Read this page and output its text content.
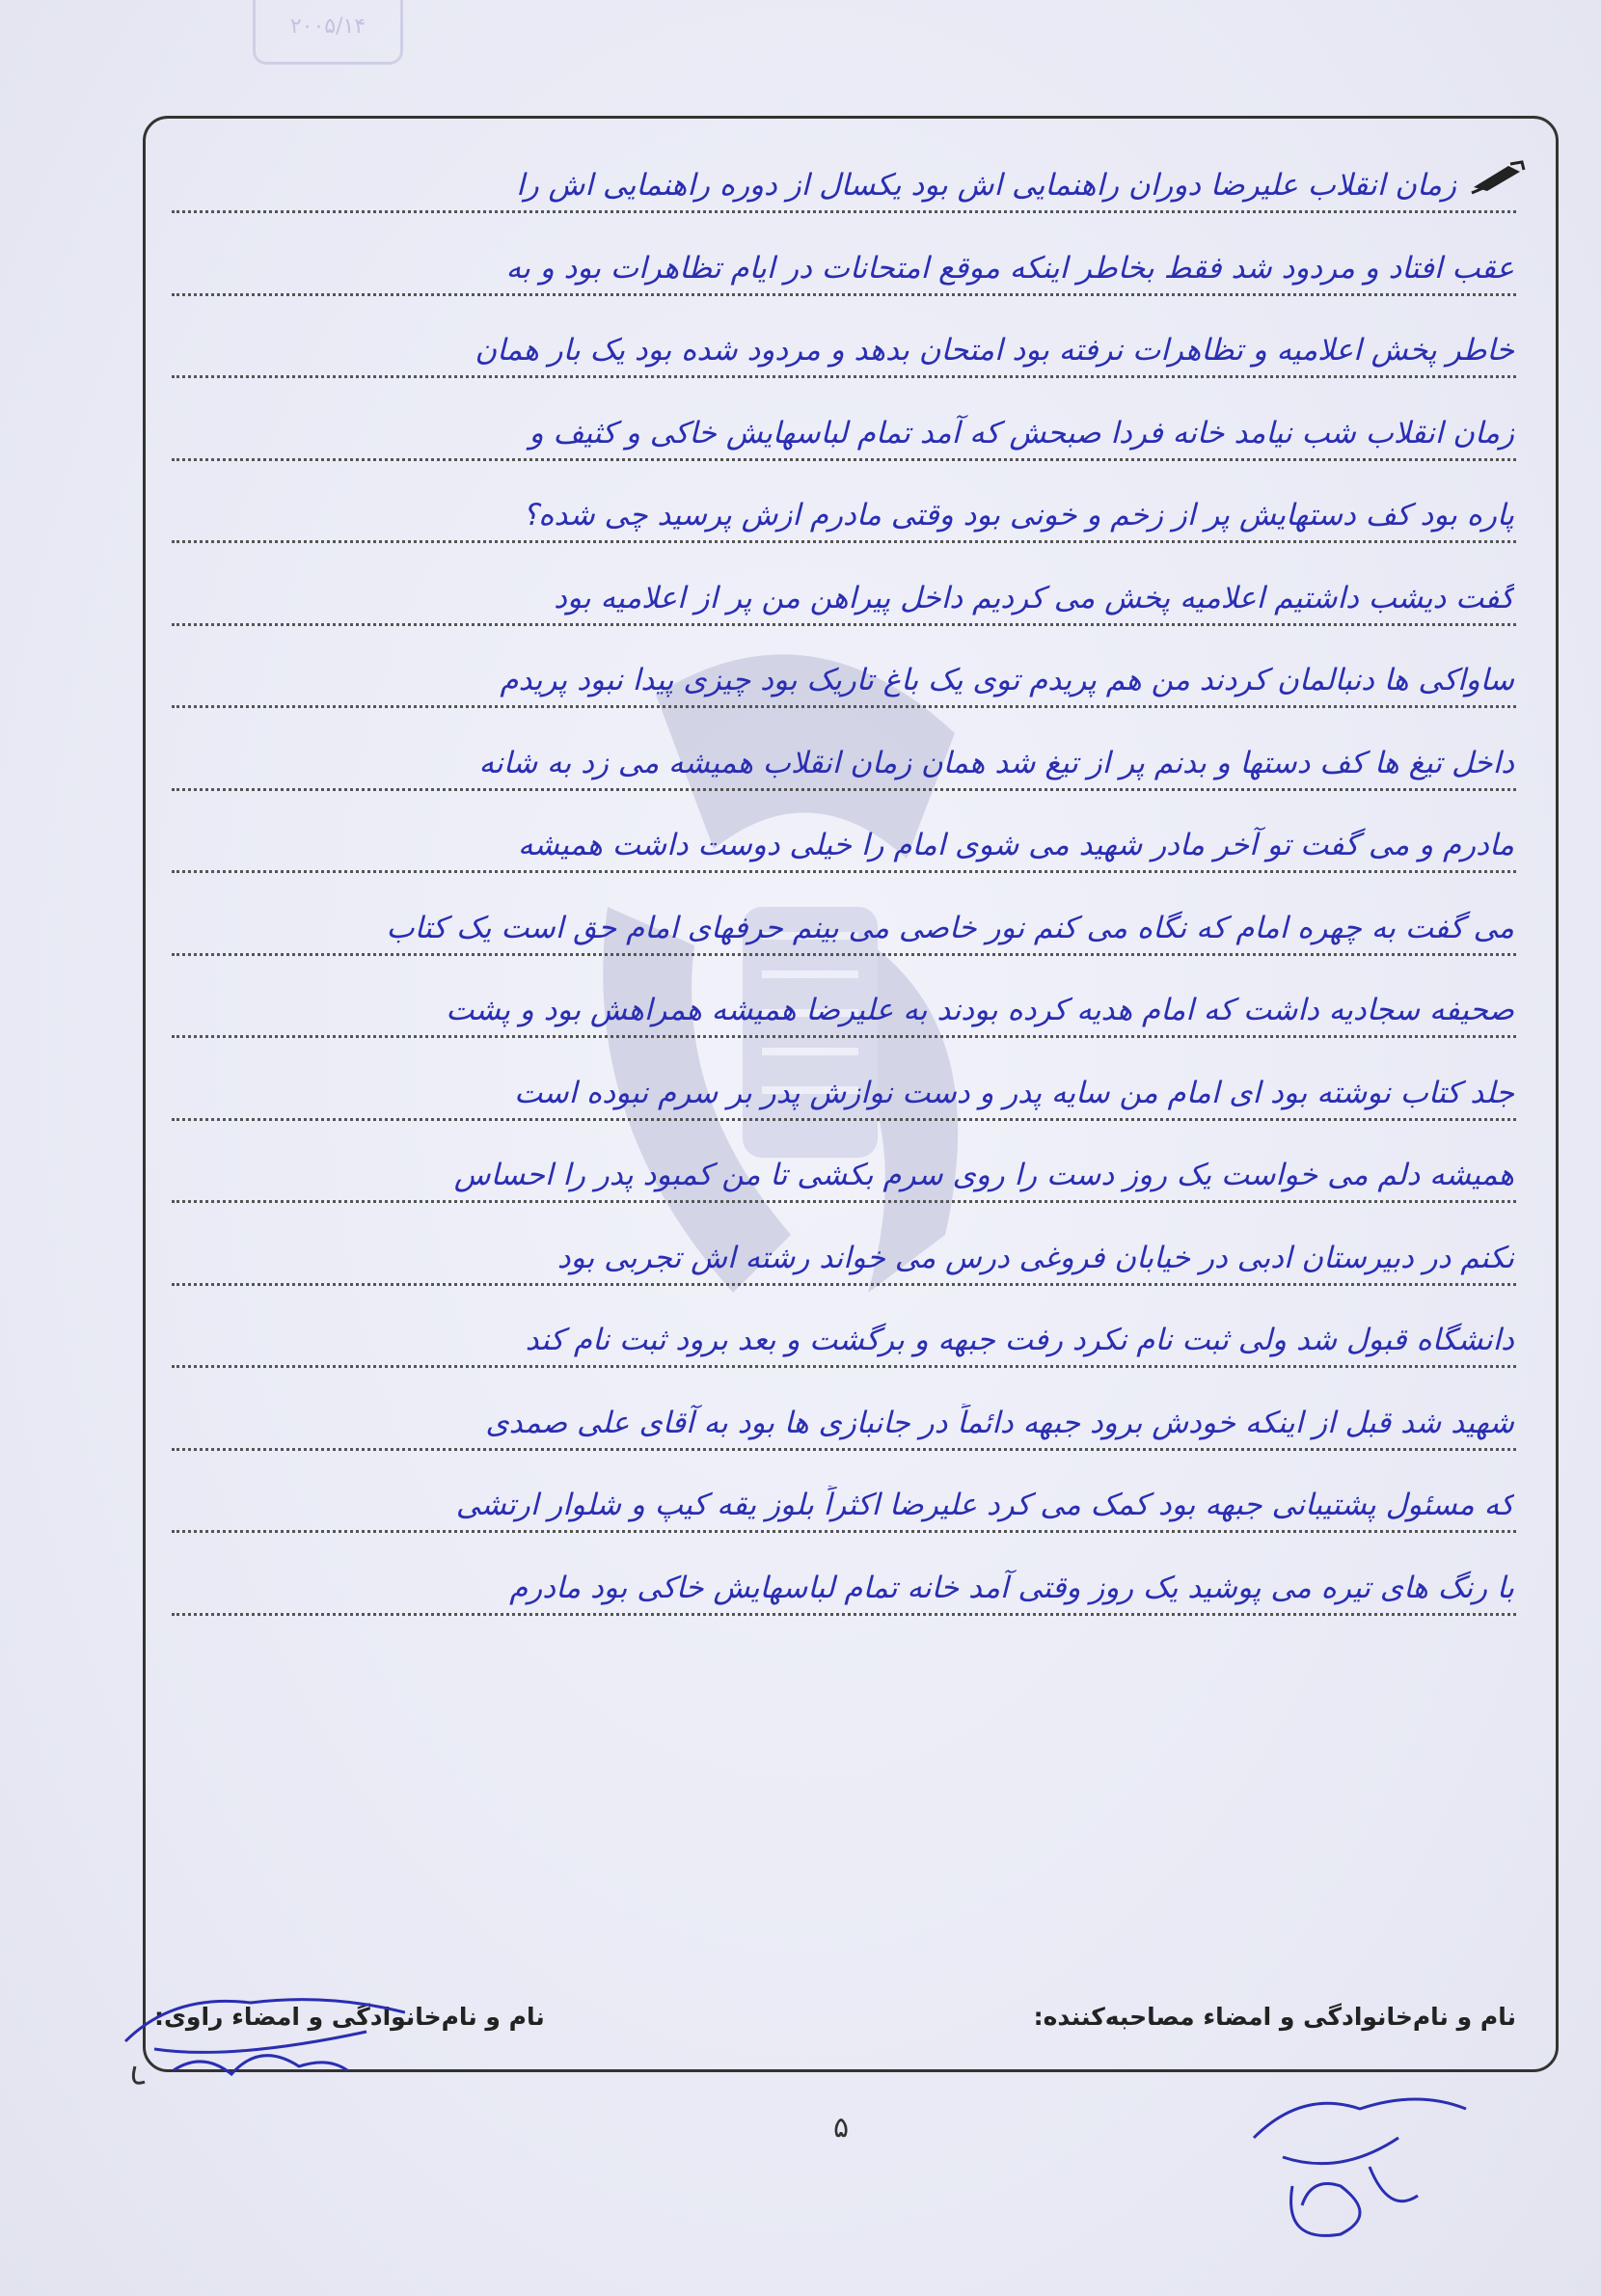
۲۰۰۵/۱۴
زمان انقلاب علیرضا دوران راهنمایی اش بود یکسال از دوره راهنمایی اش را
عقب افتاد و مردود شد فقط بخاطر اینکه موقع امتحانات در ایام تظاهرات بود و به
خاطر پخش اعلامیه و تظاهرات نرفته بود امتحان بدهد و مردود شده بود یک بار همان
زمان انقلاب شب نیامد خانه فردا صبحش که آمد تمام لباسهایش خاکی و کثیف و
پاره بود کف دستهایش پر از زخم و خونی بود وقتی مادرم ازش پرسید چی شده؟
گفت دیشب داشتیم اعلامیه پخش می کردیم داخل پیراهن من پر از اعلامیه بود
ساواکی ها دنبالمان کردند من هم پریدم توی یک باغ تاریک بود چیزی پیدا نبود پریدم
داخل تیغ ها کف دستها و بدنم پر از تیغ شد همان زمان انقلاب همیشه می زد به شانه
مادرم و می گفت تو آخر مادر شهید می شوی امام را خیلی دوست داشت همیشه
می گفت به چهره امام که نگاه می کنم نور خاصی می بینم حرفهای امام حق است یک کتاب
صحیفه سجادیه داشت که امام هدیه کرده بودند به علیرضا همیشه همراهش بود و پشت
جلد کتاب نوشته بود ای امام من سایه پدر و دست نوازش پدر بر سرم نبوده است
همیشه دلم می خواست یک روز دست را روی سرم بکشی تا من کمبود پدر را احساس
نکنم در دبیرستان ادبی در خیابان فروغی درس می خواند رشته اش تجربی بود
دانشگاه قبول شد ولی ثبت نام نکرد رفت جبهه و برگشت و بعد برود ثبت نام کند
شهید شد قبل از اینکه خودش برود جبهه دائماً در جانبازی ها بود به آقای علی صمدی
که مسئول پشتیبانی جبهه بود کمک می کرد علیرضا اکثراً بلوز یقه کیپ و شلوار ارتشی
با رنگ های تیره می پوشید یک روز وقتی آمد خانه تمام لباسهایش خاکی بود مادرم
نام و نام‌خانوادگی و امضاء مصاحبه‌کننده:
نام و نام‌خانوادگی و امضاء راوی:
۵
